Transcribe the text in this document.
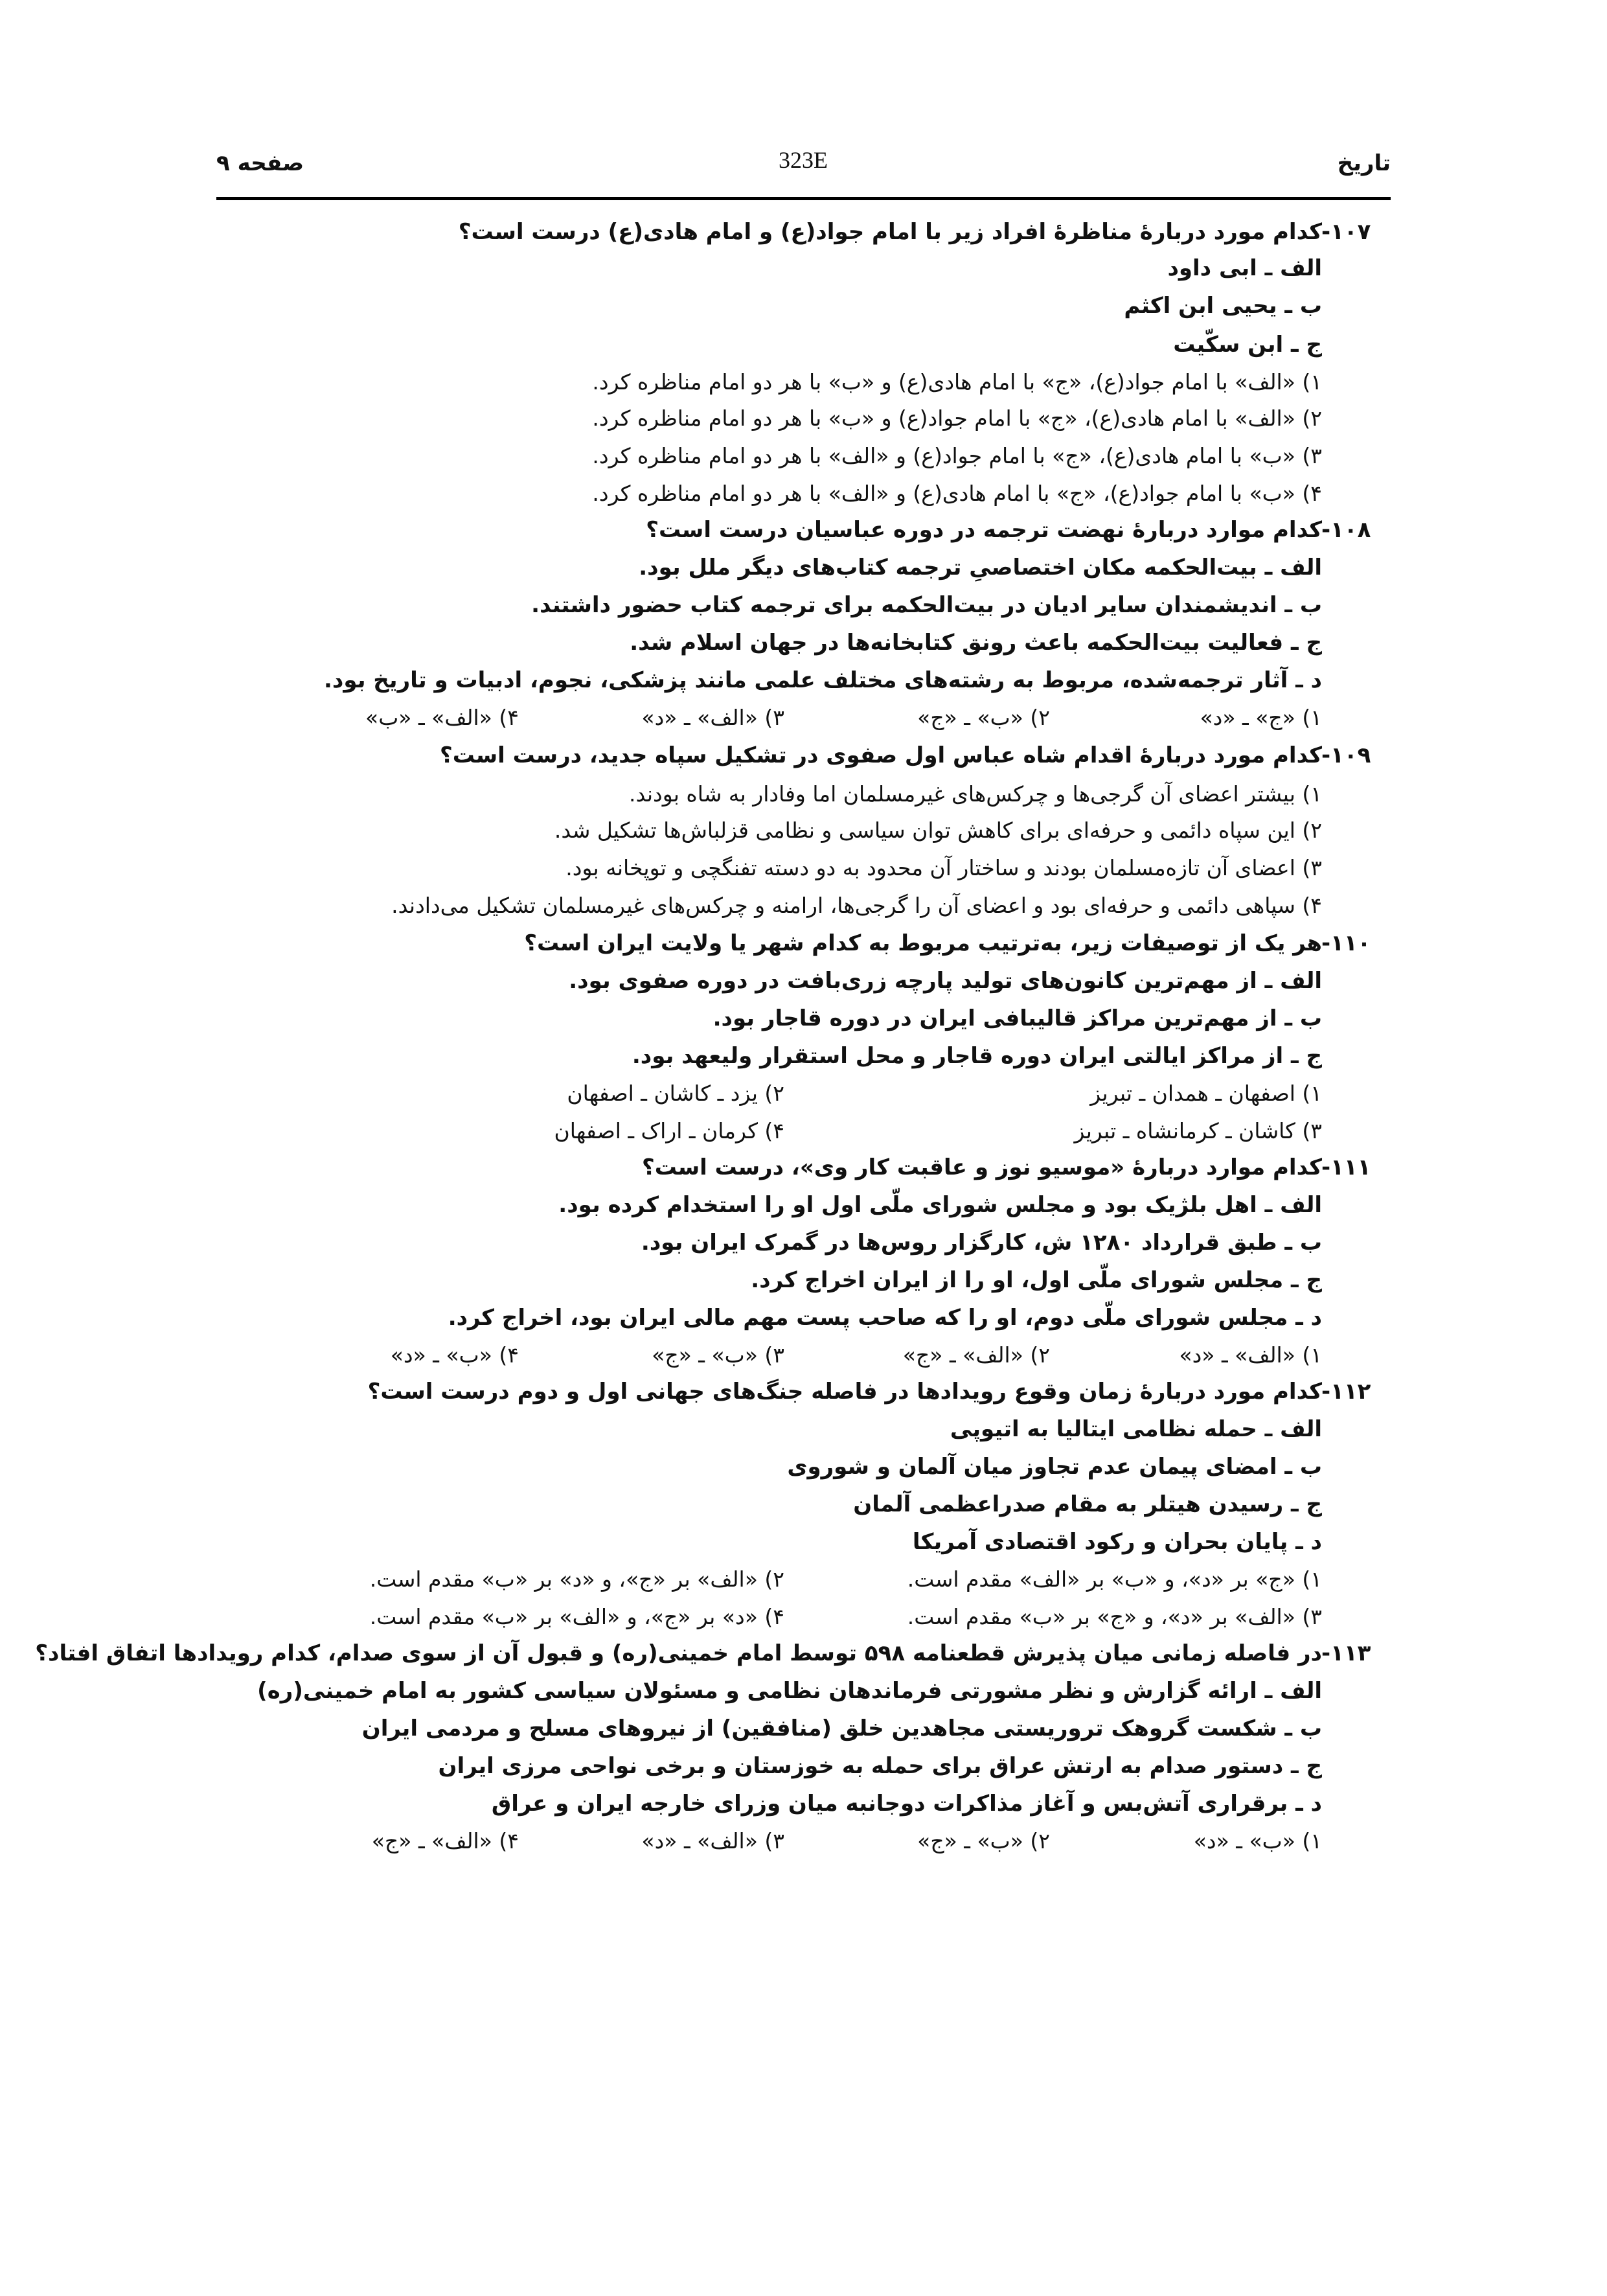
تاریخ
323E
صفحه ۹
-۱۰۷
کدام مورد دربارهٔ مناظرهٔ افراد زیر با امام جواد(ع) و امام هادی(ع) درست است؟
الف ـ ابی داود
ب ـ یحیی ابن اکثم
ج ـ ابن سکّیت
۱) «الف» با امام جواد(ع)، «ج» با امام هادی(ع) و «ب» با هر دو امام مناظره کرد.
۲) «الف» با امام هادی(ع)، «ج» با امام جواد(ع) و «ب» با هر دو امام مناظره کرد.
۳) «ب» با امام هادی(ع)، «ج» با امام جواد(ع) و «الف» با هر دو امام مناظره کرد.
۴) «ب» با امام جواد(ع)، «ج» با امام هادی(ع) و «الف» با هر دو امام مناظره کرد.
-۱۰۸
کدام موارد دربارهٔ نهضت ترجمه در دوره عباسیان درست است؟
الف ـ بیت‌الحکمه مکان اختصاصیِ ترجمه کتاب‌های دیگر ملل بود.
ب ـ اندیشمندان سایر ادیان در بیت‌الحکمه برای ترجمه کتاب حضور داشتند.
ج ـ فعالیت بیت‌الحکمه باعث رونق کتابخانه‌ها در جهان اسلام شد.
د ـ آثار ترجمه‌شده، مربوط به رشته‌های مختلف علمی مانند پزشکی، نجوم، ادبیات و تاریخ بود.
۱) «ج» ـ «د»
۲) «ب» ـ «ج»
۳) «الف» ـ «د»
۴) «الف» ـ «ب»
-۱۰۹
کدام مورد دربارهٔ اقدام شاه عباس اول صفوی در تشکیل سپاه جدید، درست است؟
۱) بیشتر اعضای آن گرجی‌ها و چرکس‌های غیرمسلمان اما وفادار به شاه بودند.
۲) این سپاه دائمی و حرفه‌ای برای کاهش توان سیاسی و نظامی قزلباش‌ها تشکیل شد.
۳) اعضای آن تازه‌مسلمان بودند و ساختار آن محدود به دو دسته تفنگچی و توپخانه بود.
۴) سپاهی دائمی و حرفه‌ای بود و اعضای آن را گرجی‌ها، ارامنه و چرکس‌های غیرمسلمان تشکیل می‌دادند.
-۱۱۰
هر یک از توصیفات زیر، به‌ترتیب مربوط به کدام شهر یا ولایت ایران است؟
الف ـ از مهم‌ترین کانون‌های تولید پارچه زری‌بافت در دوره صفوی بود.
ب ـ از مهم‌ترین مراکز قالیبافی ایران در دوره قاجار بود.
ج ـ از مراکز ایالتی ایران دوره قاجار و محل استقرار ولیعهد بود.
۱) اصفهان ـ همدان ـ تبریز
۲) یزد ـ کاشان ـ اصفهان
۳) کاشان ـ کرمانشاه ـ تبریز
۴) کرمان ـ اراک ـ اصفهان
-۱۱۱
کدام موارد دربارهٔ «موسیو نوز و عاقبت کار وی»، درست است؟
الف ـ اهل بلژیک بود و مجلس شورای ملّی اول او را استخدام کرده بود.
ب ـ طبق قرارداد ۱۲۸۰ ش، کارگزار روس‌ها در گمرک ایران بود.
ج ـ مجلس شورای ملّی اول، او را از ایران اخراج کرد.
د ـ مجلس شورای ملّی دوم، او را که صاحب پست مهم مالی ایران بود، اخراج کرد.
۱) «الف» ـ «د»
۲) «الف» ـ «ج»
۳) «ب» ـ «ج»
۴) «ب» ـ «د»
-۱۱۲
کدام مورد دربارهٔ زمان وقوع رویدادها در فاصله جنگ‌های جهانی اول و دوم درست است؟
الف ـ حمله نظامی ایتالیا به اتیوپی
ب ـ امضای پیمان عدم تجاوز میان آلمان و شوروی
ج ـ رسیدن هیتلر به مقام صدراعظمی آلمان
د ـ پایان بحران و رکود اقتصادی آمریکا
۱) «ج» بر «د»، و «ب» بر «الف» مقدم است.
۲) «الف» بر «ج»، و «د» بر «ب» مقدم است.
۳) «الف» بر «د»، و «ج» بر «ب» مقدم است.
۴) «د» بر «ج»، و «الف» بر «ب» مقدم است.
-۱۱۳
در فاصله زمانی میان پذیرش قطعنامه ۵۹۸ توسط امام خمینی(ره) و قبول آن از سوی صدام، کدام رویدادها اتفاق افتاد؟
الف ـ ارائه گزارش و نظر مشورتی فرماندهان نظامی و مسئولان سیاسی کشور به امام خمینی(ره)
ب ـ شکست گروهک تروریستی مجاهدین خلق (منافقین) از نیروهای مسلح و مردمی ایران
ج ـ دستور صدام به ارتش عراق برای حمله به خوزستان و برخی نواحی مرزی ایران
د ـ برقراری آتش‌بس و آغاز مذاکرات دوجانبه میان وزرای خارجه ایران و عراق
۱) «ب» ـ «د»
۲) «ب» ـ «ج»
۳) «الف» ـ «د»
۴) «الف» ـ «ج»
